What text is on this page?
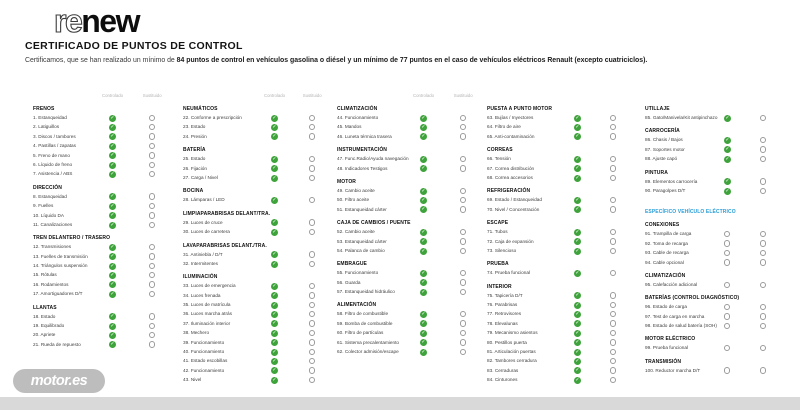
renew
CERTIFICADO DE PUNTOS DE CONTROL

Certificamos, que se han realizado un mínimo de 84 puntos de control en vehículos gasolina o diésel y un mínimo de 77 puntos en el caso de vehículos eléctricos Renault (excepto cuatriciclos).

Controlado	Sustituido
FRENOS
1. Estanqueidad	✓
2. Latiguillos	✓
3. Discos / tambores	✓
4. Pastillas / zapatas	✓
5. Freno de mano	✓
6. Líquido de freno	✓
7. Asistencia / ABS	✓
DIRECCIÓN
8. Estanqueidad	✓
9. Fuelles	✓
10. Líquido DA	✓
11. Canalizaciones	✓
TREN DELANTERO / TRASERO
12. Transmisiones	✓
13. Fuelles de transmisión	✓
14. Triángulos suspensión	✓
15. Rótulas	✓
16. Rodamientos	✓
17. Amortiguadores D/T	✓
LLANTAS
18. Estado	✓
19. Equilibrado	✓
20. Apriete	✓
21. Rueda de repuesto	✓
Controlado	Sustituido
NEUMÁTICOS
22. Conforme a prescripción	✓
23. Estado	✓
24. Presión	✓
BATERÍA
25. Estado	✓
26. Fijación	✓
27. Carga / Nivel	✓
BOCINA
28. Lámparas / LED	✓
LIMPIAPARABRISAS DELANT/TRA.
29. Luces de cruce	✓
30. Luces de carretera	✓
LAVAPARABRISAS DELANT./TRA.
31. Antiniebla / D/T	✓
32. Intermitentes	✓
ILUMINACIÓN
33. Luces de emergencia	✓
34. Luces frenada	✓
35. Luces de matrícula	✓
36. Luces marcha atrás	✓
37. Iluminación interior	✓
38. Mechero	✓
39. Funcionamiento	✓
40. Funcionamiento	✓
41. Estado escobillas	✓
42. Funcionamiento	✓
43. Nivel	✓
Controlado	Sustituido
CLIMATIZACIÓN
44. Funcionamiento	✓
45. Mandos	✓
46. Luneta térmica trasera	✓
INSTRUMENTACIÓN
47. Func.Radio/Ayuda navegación ✓
48. Indicadores Testigos	✓
MOTOR
49. Cambio aceite	✓
50. Filtro aceite	✓
51. Estanqueidad cárter	✓
CAJA DE CAMBIOS / PUENTE
52. Cambio aceite	✓
53. Estanqueidad cárter	✓
54. Palanca de cambio	✓
EMBRAGUE
55. Funcionamiento	✓
56. Guarda	✓
57. Estanqueidad hidráulico	✓
ALIMENTACIÓN
58. Filtro de combustible	✓
59. Bomba de combustible	✓
60. Filtro de partículas	✓
61. Sistema precalentamiento	✓
62. Colector admisión/escape	✓
PUESTA A PUNTO MOTOR
63. Bujías / Inyectores	✓
64. Filtro de aire	✓
65. Anti-contaminación	✓
CORREAS
66. Tensión	✓
67. Correa distribución	✓
68. Correa accesorios	✓
REFRIGERACIÓN
69. Estado / Estanqueidad	✓
70. Nivel / Concentración	✓
ESCAPE
71. Tubos	✓
72. Caja de expansión	✓
73. Silencioso	✓
PRUEBA
74. Prueba funcional	✓
INTERIOR
75. Tapicería D/T	✓
76. Parabrisas	✓
77. Retrovisores	✓
78. Elevalunas	✓
79. Mecanismo asientos	✓
80. Pestillos puerta	✓
81. Articulación puertas	✓
82. Tambores cerradura	✓
83. Cerraduras	✓
84. Cinturones	✓
UTILLAJE
85. Gato/Manivela/Kit antipinchazo ✓
CARROCERÍA
86. Chasis / Bajos	✓
87. Soportes motor	✓
88. Ajuste capó	✓
PINTURA
89. Elementos carrocería	✓
90. Paragolpes D/T	✓
ESPECÍFICO VEHÍCULO ELÉCTRICO
CONEXIONES
91. Trampilla de carga
92. Toma de recarga
93. Cable de recarga
94. Cable opcional
CLIMATIZACIÓN
95. Calefacción adicional
BATERÍAS (CONTROL DIAGNÓSTICO)
96. Estado de carga
97. Test de carga en marcha
98. Estado de salud batería (SOH)
MOTOR ELÉCTRICO
99. Prueba funcional
TRANSMISIÓN
100. Reductor marcha D/T
motor.es
